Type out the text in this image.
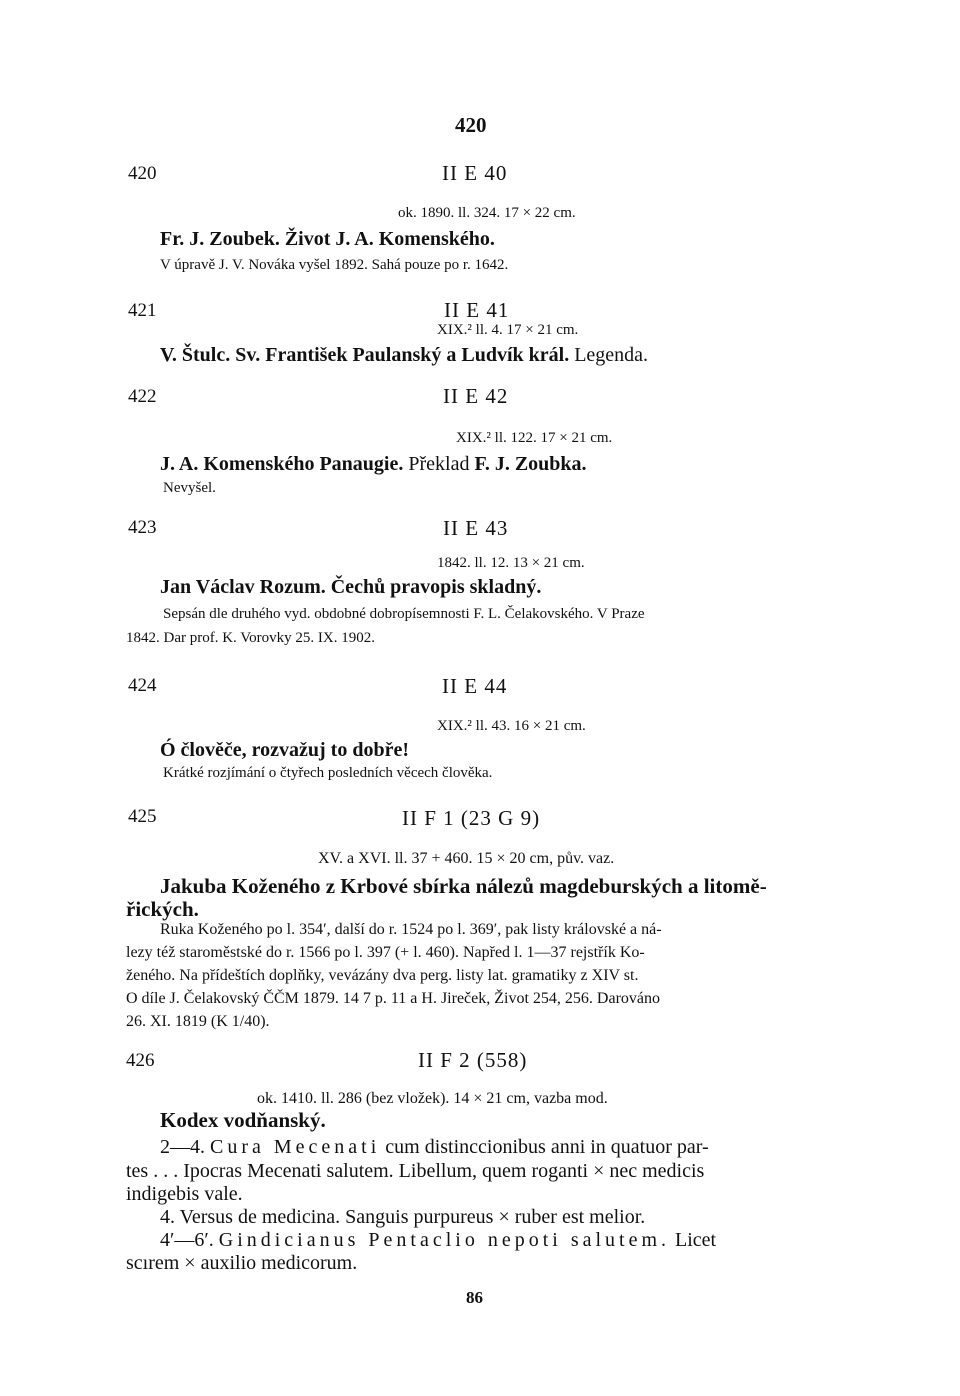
420
420	II E 40
ok. 1890. ll. 324. 17 × 22 cm.
Fr. J. Zoubek. Život J. A. Komenského.
V úpravě J. V. Nováka vyšel 1892. Sahá pouze po r. 1642.
421	II E 41
XIX.² ll. 4. 17 × 21 cm.
V. Štulc. Sv. František Paulanský a Ludvík král. Legenda.
422	II E 42
XIX.² ll. 122. 17 × 21 cm.
J. A. Komenského Panaugie. Překlad F. J. Zoubka.
Nevyšel.
423	II E 43
1842. ll. 12. 13 × 21 cm.
Jan Václav Rozum. Čechů pravopis skladný.
Sepsán dle druhého vyd. obdobné dobropísemnosti F. L. Čelakovského. V Praze
1842. Dar prof. K. Vorovky 25. IX. 1902.
424	II E 44
XIX.² ll. 43. 16 × 21 cm.
Ó člověče, rozvažuj to dobře!
Krátké rozjímání o čtyřech posledních věcech člověka.
425	II F 1 (23 G 9)
XV. a XVI. ll. 37 + 460. 15 × 20 cm, pův. vaz.
Jakuba Koženého z Krbové sbírka nálezů magdeburských a litomě-
řických.
Ruka Koženého po l. 354′, další do r. 1524 po l. 369′, pak listy královské a ná-
lezy též staroměstské do r. 1566 po l. 397 (+ l. 460). Napřed l. 1—37 rejstřík Ko-
ženého. Na přídeštích doplňky, vevázány dva perg. listy lat. gramatiky z XIV st.
O díle J. Čelakovský ČČM 1879. 14 7 p. 11 a H. Jireček, Život 254, 256. Darováno
26. XI. 1819 (K 1/40).
426	II F 2 (558)
ok. 1410. ll. 286 (bez vložek). 14 × 21 cm, vazba mod.
Kodex vodňanský.
2—4. Cura Mecenati cum distinccionibus anni in quatuor par-
tes . . . Ipocras Mecenati salutem. Libellum, quem roganti × nec medicis
indigebis vale.
4. Versus de medicina. Sanguis purpureus × ruber est melior.
4′—6′. Gindicianus Pentaclio nepoti salutem. Licet
scırem × auxilio medicorum.
86
